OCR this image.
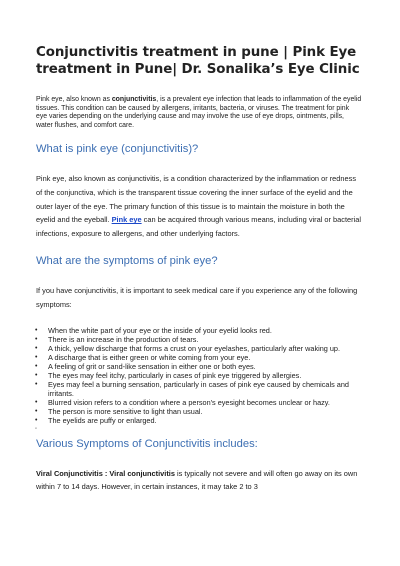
Conjunctivitis treatment in pune | Pink Eye treatment in Pune| Dr. Sonalika’s Eye Clinic
Pink eye, also known as conjunctivitis, is a prevalent eye infection that leads to inflammation of the eyelid tissues. This condition can be caused by allergens, irritants, bacteria, or viruses. The treatment for pink eye varies depending on the underlying cause and may involve the use of eye drops, ointments, pills, water flushes, and comfort care.
What is pink eye (conjunctivitis)?
Pink eye, also known as conjunctivitis, is a condition characterized by the inflammation or redness of the conjunctiva, which is the transparent tissue covering the inner surface of the eyelid and the outer layer of the eye. The primary function of this tissue is to maintain the moisture in both the eyelid and the eyeball. Pink eye can be acquired through various means, including viral or bacterial infections, exposure to allergens, and other underlying factors.
What are the symptoms of pink eye?
If you have conjunctivitis, it is important to seek medical care if you experience any of the following symptoms:
• When the white part of your eye or the inside of your eyelid looks red.
• There is an increase in the production of tears.
• A thick, yellow discharge that forms a crust on your eyelashes, particularly after waking up.
• A discharge that is either green or white coming from your eye.
• A feeling of grit or sand-like sensation in either one or both eyes.
• The eyes may feel itchy, particularly in cases of pink eye triggered by allergies.
• Eyes may feel a burning sensation, particularly in cases of pink eye caused by chemicals and irritants.
• Blurred vision refers to a condition where a person's eyesight becomes unclear or hazy.
• The person is more sensitive to light than usual.
• The eyelids are puffy or enlarged.
◦
Various Symptoms of Conjunctivitis includes:
Viral Conjunctivitis : Viral conjunctivitis is typically not severe and will often go away on its own within 7 to 14 days. However, in certain instances, it may take 2 to 3
